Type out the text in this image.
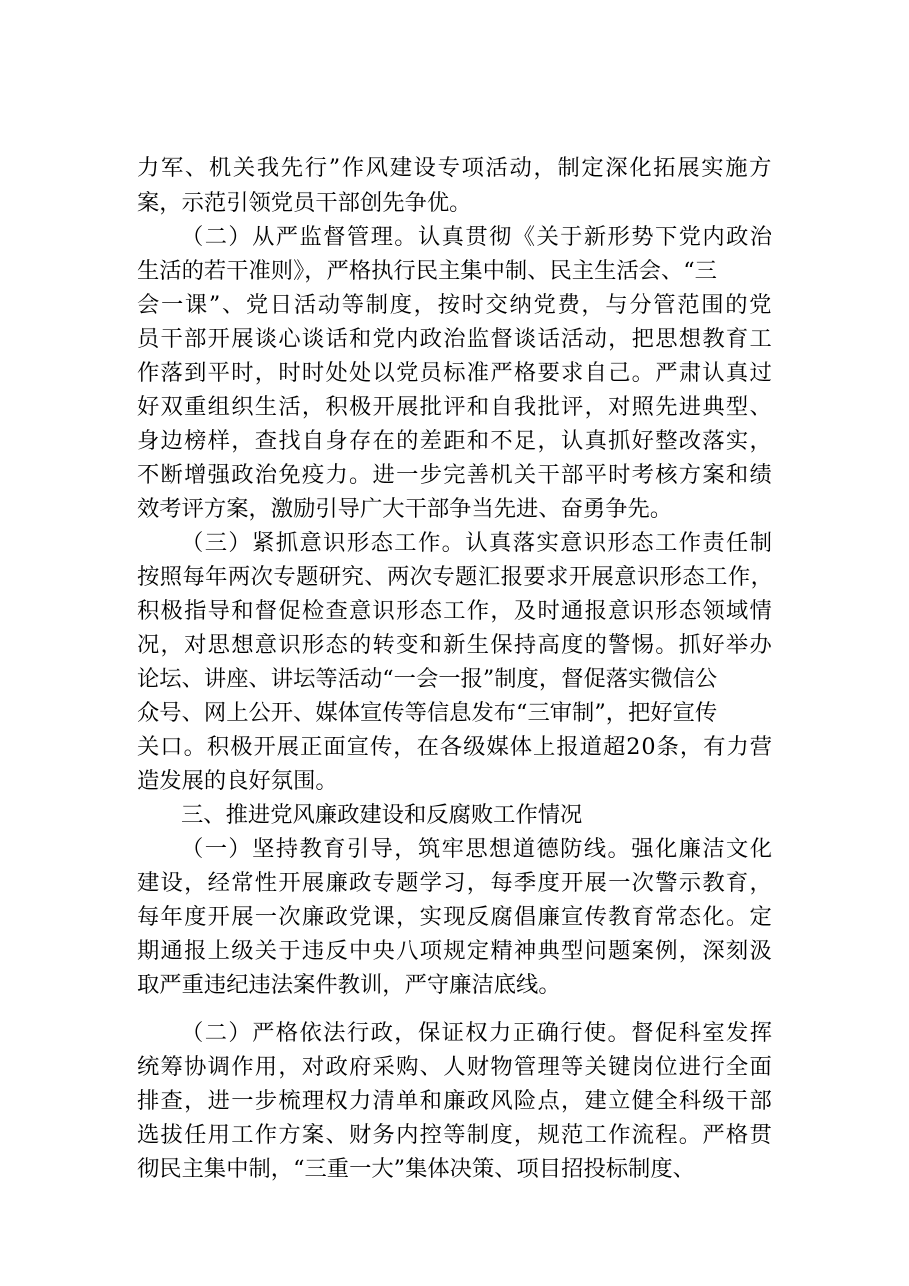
力军、机关我先行”作风建设专项活动，制定深化拓展实施方
案，示范引领党员干部创先争优。
（二）从严监督管理。认真贯彻《关于新形势下党内政治
生活的若干准则》，严格执行民主集中制、民主生活会、“三
会一课”、党日活动等制度，按时交纳党费，与分管范围的党
员干部开展谈心谈话和党内政治监督谈话活动，把思想教育工
作落到平时，时时处处以党员标准严格要求自己。严肃认真过
好双重组织生活，积极开展批评和自我批评，对照先进典型、
身边榜样，查找自身存在的差距和不足，认真抓好整改落实，
不断增强政治免疫力。进一步完善机关干部平时考核方案和绩
效考评方案，激励引导广大干部争当先进、奋勇争先。
（三）紧抓意识形态工作。认真落实意识形态工作责任制
按照每年两次专题研究、两次专题汇报要求开展意识形态工作，
积极指导和督促检查意识形态工作，及时通报意识形态领域情
况，对思想意识形态的转变和新生保持高度的警惕。抓好举办
论坛、讲座、讲坛等活动“一会一报”制度，督促落实微信公
众号、网上公开、媒体宣传等信息发布“三审制”，把好宣传
关口。积极开展正面宣传，在各级媒体上报道超20条，有力营
造发展的良好氛围。
三、推进党风廉政建设和反腐败工作情况
（一）坚持教育引导，筑牢思想道德防线。强化廉洁文化
建设，经常性开展廉政专题学习，每季度开展一次警示教育，
每年度开展一次廉政党课，实现反腐倡廉宣传教育常态化。定
期通报上级关于违反中央八项规定精神典型问题案例，深刻汲
取严重违纪违法案件教训，严守廉洁底线。
（二）严格依法行政，保证权力正确行使。督促科室发挥
统筹协调作用，对政府采购、人财物管理等关键岗位进行全面
排查，进一步梳理权力清单和廉政风险点，建立健全科级干部
选拔任用工作方案、财务内控等制度，规范工作流程。严格贯
彻民主集中制，“三重一大”集体决策、项目招投标制度、
